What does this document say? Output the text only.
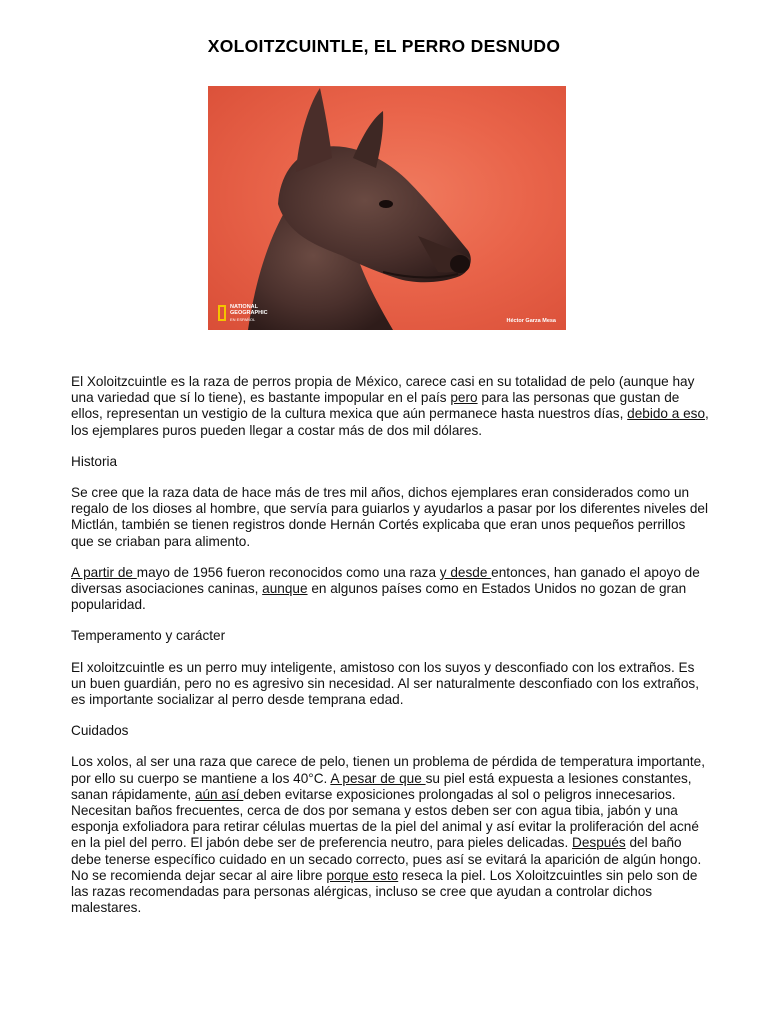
XOLOITZCUINTLE, EL PERRO DESNUDO
NATIONAL
GEOGRAPHIC
EN ESPAÑOL	Héctor Garza Mesa

El Xoloitzcuintle es la raza de perros propia de México, carece casi en su totalidad de pelo (aunque hay una variedad que sí lo tiene), es bastante impopular en el país pero para las personas que gustan de ellos, representan un vestigio de la cultura mexica que aún permanece hasta nuestros días, debido a eso, los ejemplares puros pueden llegar a costar más de dos mil dólares.

Historia

Se cree que la raza data de hace más de tres mil años, dichos ejemplares eran considerados como un regalo de los dioses al hombre, que servía para guiarlos y ayudarlos a pasar por los diferentes niveles del Mictlán, también se tienen registros donde Hernán Cortés explicaba que eran unos pequeños perrillos que se criaban para alimento.

A partir de mayo de 1956 fueron reconocidos como una raza y desde entonces, han ganado el apoyo de diversas asociaciones caninas, aunque en algunos países como en Estados Unidos no gozan de gran popularidad.

Temperamento y carácter

El xoloitzcuintle es un perro muy inteligente, amistoso con los suyos y desconfiado con los extraños. Es un buen guardián, pero no es agresivo sin necesidad. Al ser naturalmente desconfiado con los extraños, es importante socializar al perro desde temprana edad.

Cuidados

Los xolos, al ser una raza que carece de pelo, tienen un problema de pérdida de temperatura importante, por ello su cuerpo se mantiene a los 40°C. A pesar de que su piel está expuesta a lesiones constantes, sanan rápidamente, aún así deben evitarse exposiciones prolongadas al sol o peligros innecesarios. Necesitan baños frecuentes, cerca de dos por semana y estos deben ser con agua tibia, jabón y una esponja exfoliadora para retirar células muertas de la piel del animal y así evitar la proliferación del acné en la piel del perro. El jabón debe ser de preferencia neutro, para pieles delicadas. Después del baño debe tenerse específico cuidado en un secado correcto, pues así se evitará la aparición de algún hongo. No se recomienda dejar secar al aire libre porque esto reseca la piel. Los Xoloitzcuintles sin pelo son de las razas recomendadas para personas alérgicas, incluso se cree que ayudan a controlar dichos malestares.
